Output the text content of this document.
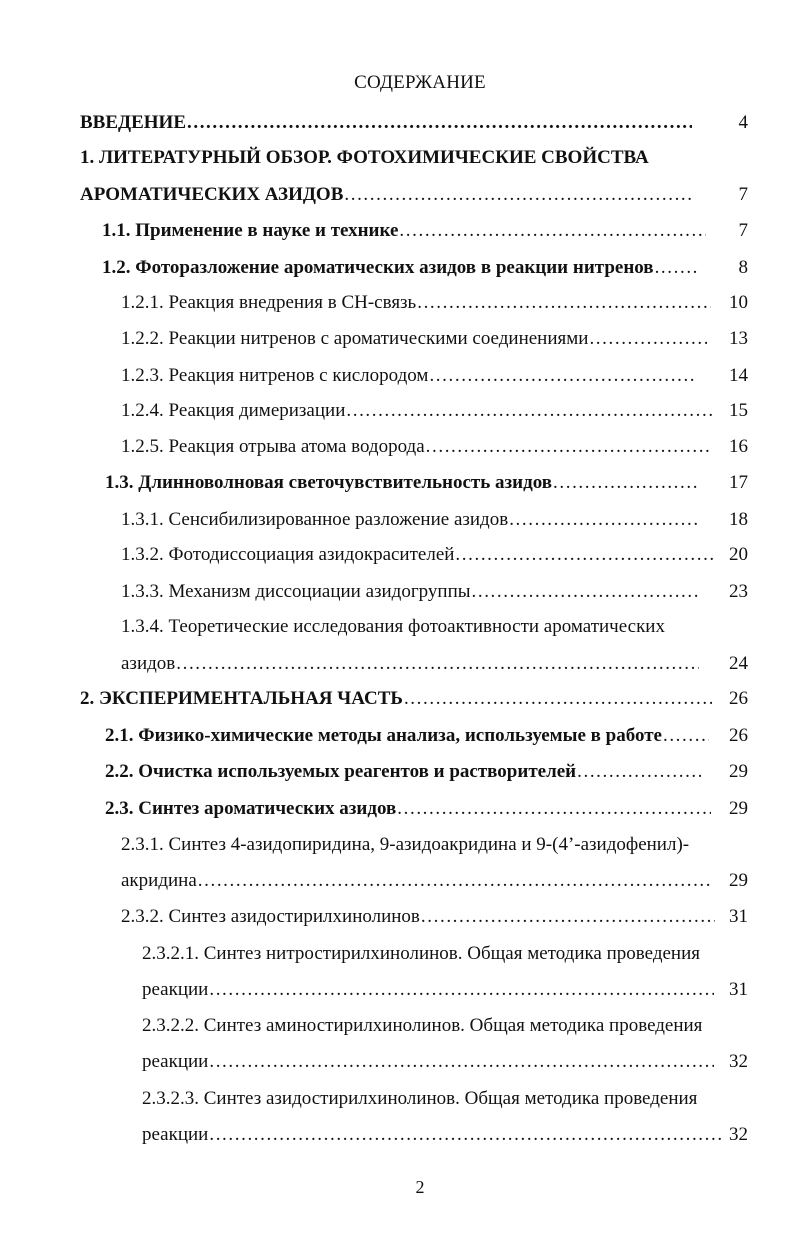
СОДЕРЖАНИЕ
ВВЕДЕНИЕ .....	4
1. ЛИТЕРАТУРНЫЙ ОБЗОР. ФОТОХИМИЧЕСКИЕ СВОЙСТВА
АРОМАТИЧЕСКИХ АЗИДОВ .....	7
1.1. Применение в науке и технике .....	7
1.2. Фоторазложение ароматических азидов в реакции нитренов .....	8
1.2.1. Реакция внедрения в СН-связь .....	10
1.2.2. Реакции нитренов с ароматическими соединениями .....	13
1.2.3. Реакция нитренов с кислородом .....	14
1.2.4. Реакция димеризации .....	15
1.2.5. Реакция отрыва атома водорода .....	16
1.3. Длинноволновая светочувствительность азидов .....	17
1.3.1. Сенсибилизированное разложение азидов .....	18
1.3.2. Фотодиссоциация азидокрасителей .....	20
1.3.3. Механизм диссоциации азидогруппы .....	23
1.3.4. Теоретические исследования фотоактивности ароматических
азидов .....	24
2. ЭКСПЕРИМЕНТАЛЬНАЯ ЧАСТЬ .....	26
2.1. Физико-химические методы анализа, используемые в работе .....	26
2.2. Очистка используемых реагентов и растворителей .....	29
2.3. Синтез ароматических азидов .....	29
2.3.1. Синтез 4-азидопиридина, 9-азидоакридина и 9-(4’-азидофенил)-
акридина .....	29
2.3.2. Синтез азидостирилхинолинов .....	31
2.3.2.1. Синтез нитростирилхинолинов. Общая методика проведения
реакции .....	31
2.3.2.2. Синтез аминостирилхинолинов. Общая методика проведения
реакции .....	32
2.3.2.3. Синтез азидостирилхинолинов. Общая методика проведения
реакции .....	32
2
